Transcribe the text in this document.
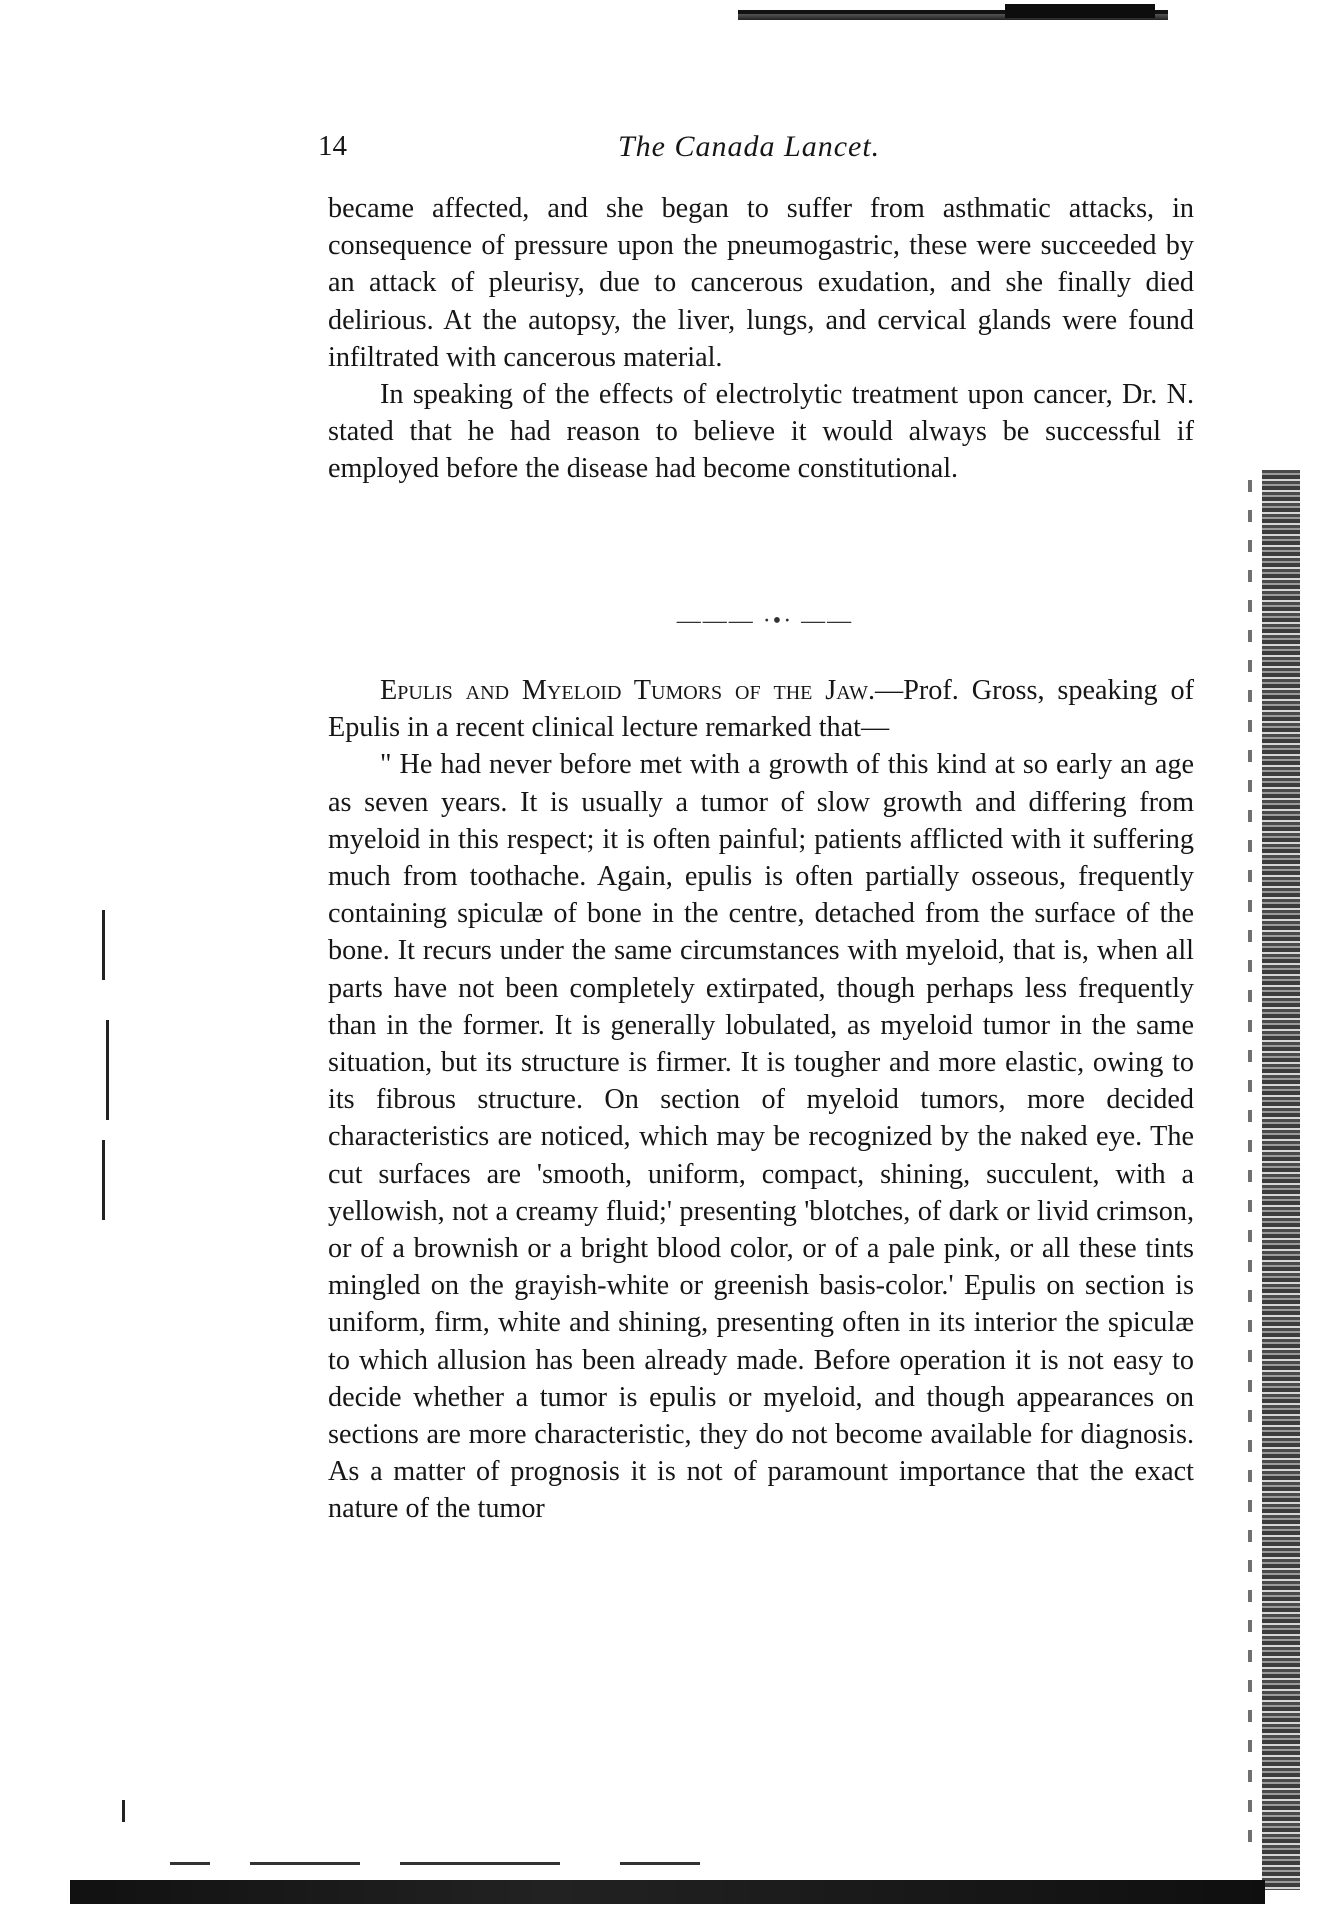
14	The Canada Lancet.

became affected, and she began to suffer from asthmatic attacks, in consequence of pressure upon the pneumogastric, these were succeeded by an attack of pleurisy, due to cancerous exudation, and she finally died delirious. At the autopsy, the liver, lungs, and cervical glands were found infiltrated with cancerous material.

In speaking of the effects of electrolytic treatment upon cancer, Dr. N. stated that he had reason to believe it would always be successful if employed before the disease had become constitutional.

——— ·•· ——

Epulis and Myeloid Tumors of the Jaw.—Prof. Gross, speaking of Epulis in a recent clinical lecture remarked that—

" He had never before met with a growth of this kind at so early an age as seven years. It is usually a tumor of slow growth and differing from myeloid in this respect; it is often painful; patients afflicted with it suffering much from toothache. Again, epulis is often partially osseous, frequently containing spiculæ of bone in the centre, detached from the surface of the bone. It recurs under the same circumstances with myeloid, that is, when all parts have not been completely extirpated, though perhaps less frequently than in the former. It is generally lobulated, as myeloid tumor in the same situation, but its structure is firmer. It is tougher and more elastic, owing to its fibrous structure. On section of myeloid tumors, more decided characteristics are noticed, which may be recognized by the naked eye. The cut surfaces are 'smooth, uniform, compact, shining, succulent, with a yellowish, not a creamy fluid;' presenting 'blotches, of dark or livid crimson, or of a brownish or a bright blood color, or of a pale pink, or all these tints mingled on the grayish-white or greenish basis-color.' Epulis on section is uniform, firm, white and shining, presenting often in its interior the spiculæ to which allusion has been already made. Before operation it is not easy to decide whether a tumor is epulis or myeloid, and though appearances on sections are more characteristic, they do not become available for diagnosis. As a matter of prognosis it is not of paramount importance that the exact nature of the tumor
